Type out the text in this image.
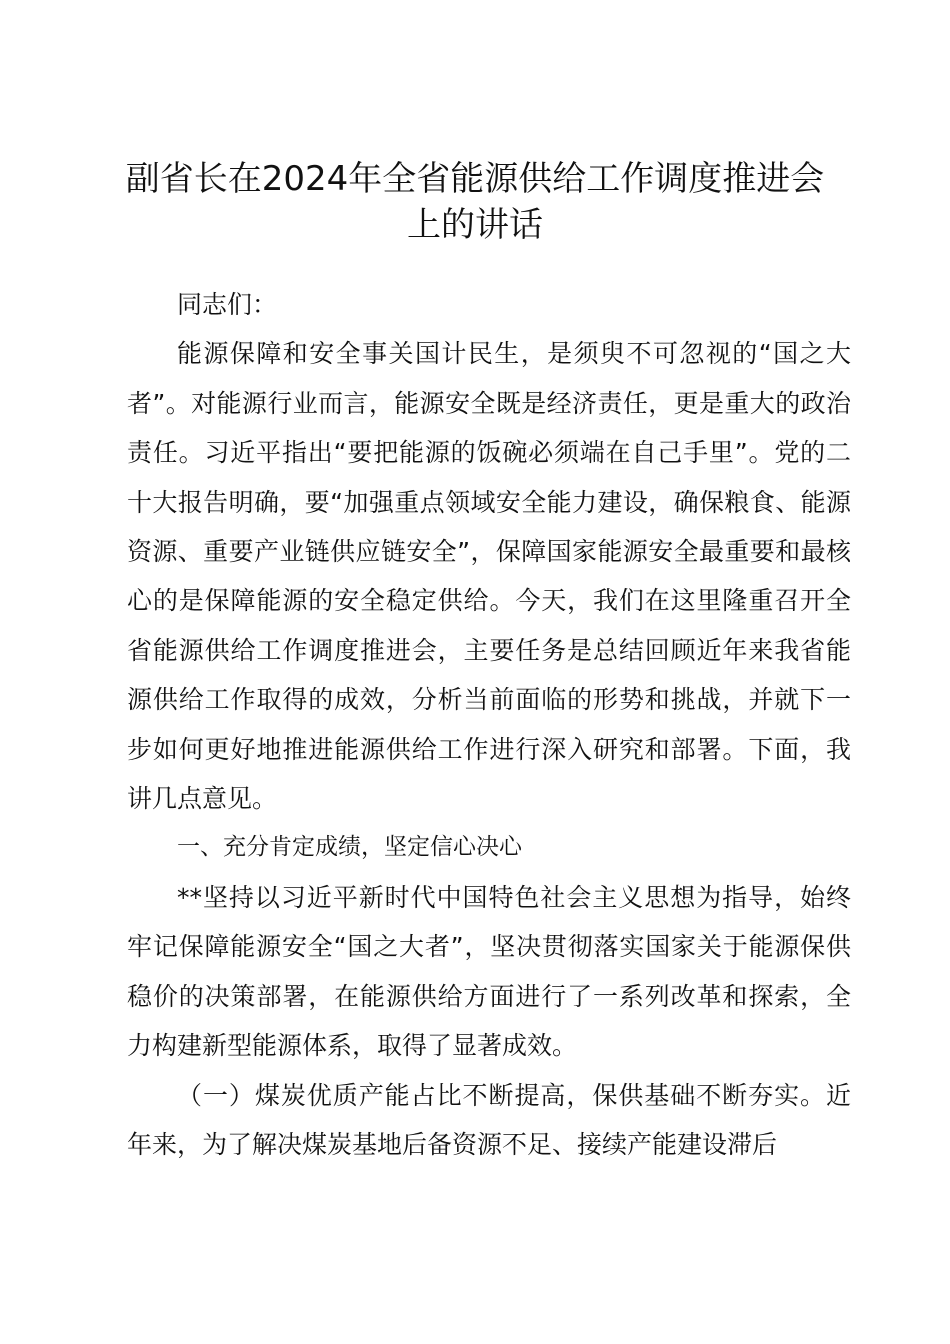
副省长在2024年全省能源供给工作调度推进会上的讲话

同志们：

能源保障和安全事关国计民生，是须臾不可忽视的“国之大者”。对能源行业而言，能源安全既是经济责任，更是重大的政治责任。习近平指出“要把能源的饭碗必须端在自己手里”。党的二十大报告明确，要“加强重点领域安全能力建设，确保粮食、能源资源、重要产业链供应链安全”，保障国家能源安全最重要和最核心的是保障能源的安全稳定供给。今天，我们在这里隆重召开全省能源供给工作调度推进会，主要任务是总结回顾近年来我省能源供给工作取得的成效，分析当前面临的形势和挑战，并就下一步如何更好地推进能源供给工作进行深入研究和部署。下面，我讲几点意见。

一、充分肯定成绩，坚定信心决心

**坚持以习近平新时代中国特色社会主义思想为指导，始终牢记保障能源安全“国之大者”，坚决贯彻落实国家关于能源保供稳价的决策部署，在能源供给方面进行了一系列改革和探索，全力构建新型能源体系，取得了显著成效。

（一）煤炭优质产能占比不断提高，保供基础不断夯实。近年来，为了解决煤炭基地后备资源不足、接续产能建设滞后
